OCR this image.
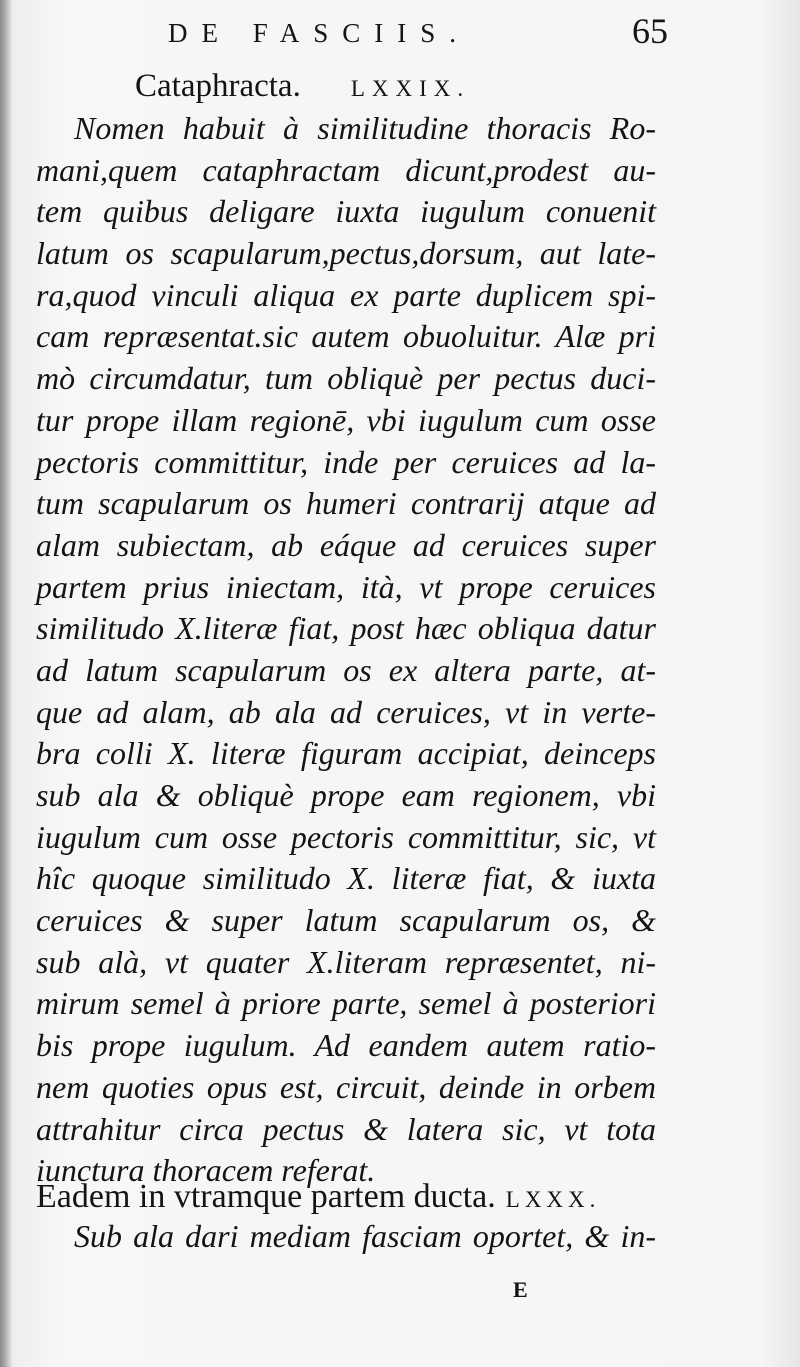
DE FASCIIS.	65
Cataphracta. LXXIX.
Nomen habuit à similitudine thoracis Ro-
mani,quem cataphractam dicunt,prodest au-
tem quibus deligare iuxta iugulum conuenit
latum os scapularum,pectus,dorsum, aut late-
ra,quod vinculi aliqua ex parte duplicem spi-
cam repræsentat.sic autem obuoluitur. Alæ pri
mò circumdatur, tum obliquè per pectus duci-
tur prope illam regionē, vbi iugulum cum osse
pectoris committitur, inde per ceruices ad la-
tum scapularum os humeri contrarij atque ad
alam subiectam, ab eáque ad ceruices super
partem prius iniectam, ità, vt prope ceruices
similitudo X.literæ fiat, post hæc obliqua datur
ad latum scapularum os ex altera parte, at-
que ad alam, ab ala ad ceruices, vt in verte-
bra colli X. literæ figuram accipiat, deinceps
sub ala & obliquè prope eam regionem, vbi
iugulum cum osse pectoris committitur, sic, vt
hîc quoque similitudo X. literæ fiat, & iuxta
ceruices & super latum scapularum os, &
sub alà, vt quater X.literam repræsentet, ni-
mirum semel à priore parte, semel à posteriori
bis prope iugulum. Ad eandem autem ratio-
nem quoties opus est, circuit, deinde in orbem
attrahitur circa pectus & latera sic, vt tota
iunctura thoracem referat.
Eadem in vtramque partem ducta. LXXX.
Sub ala dari mediam fasciam oportet, & in-
E
